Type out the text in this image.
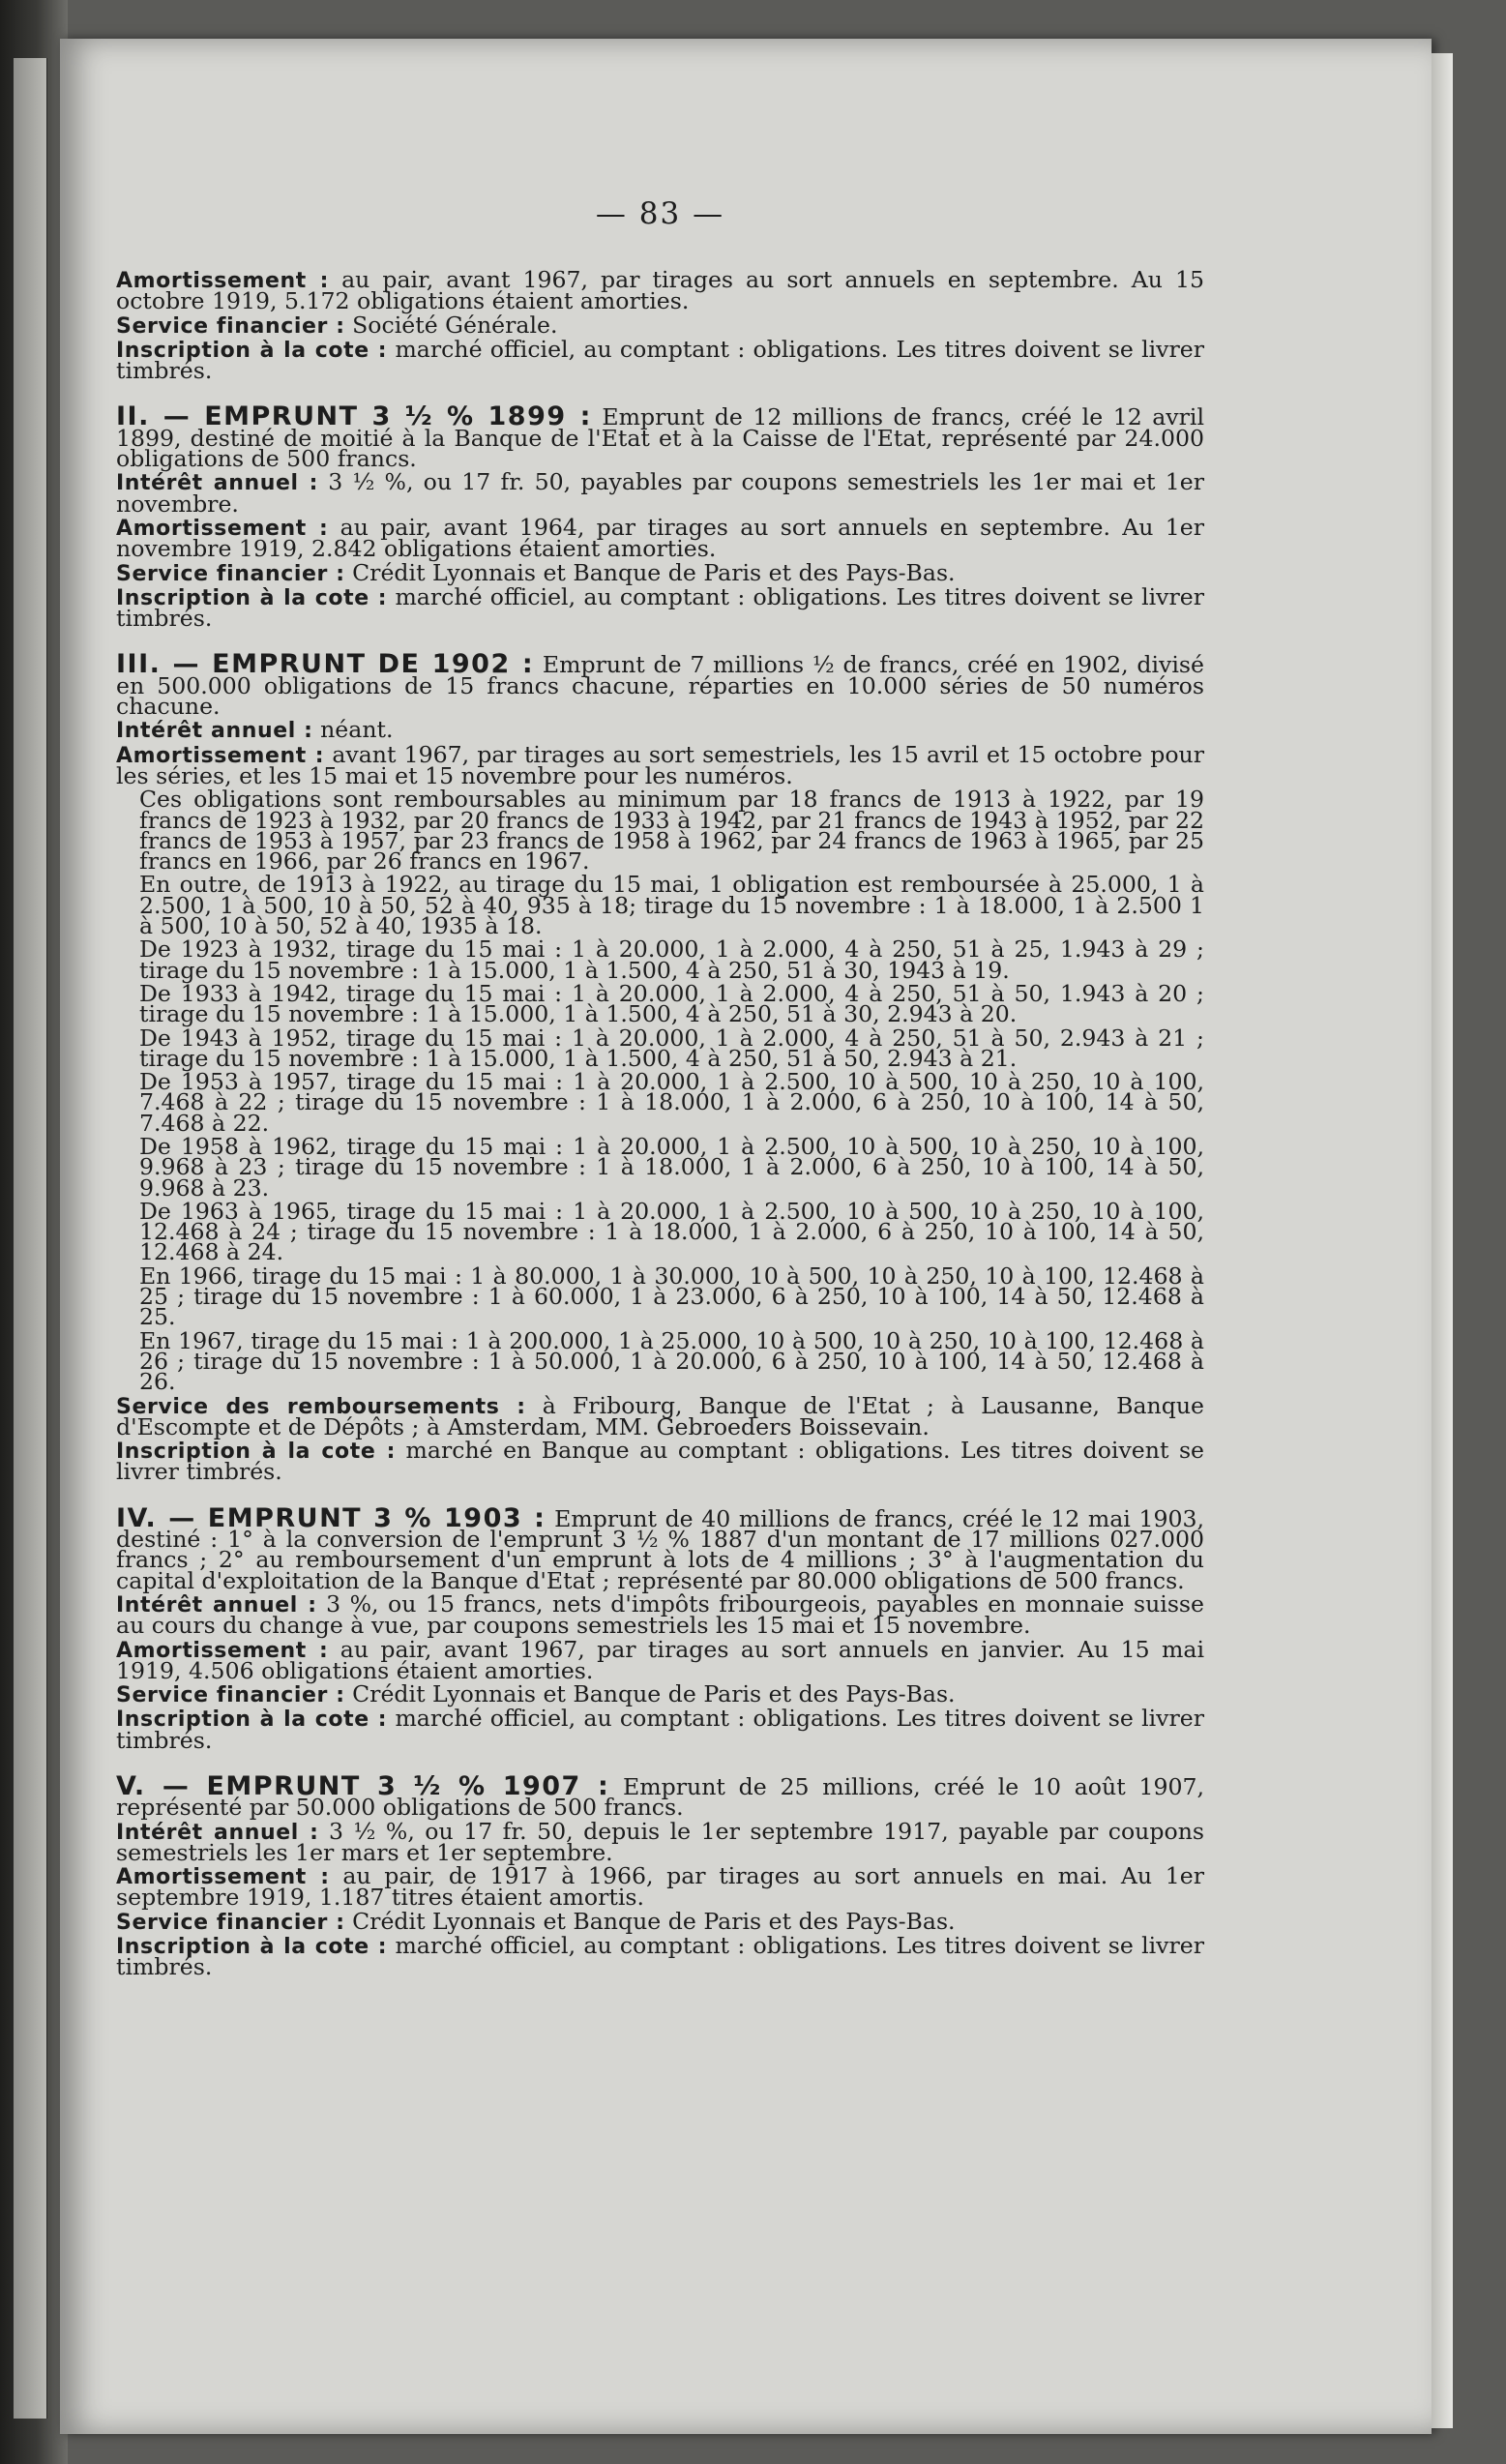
— 83 —

Amortissement : au pair, avant 1967, par tirages au sort annuels en septembre. Au 15 octobre 1919, 5.172 obligations étaient amorties.

Service financier : Société Générale.

Inscription à la cote : marché officiel, au comptant : obligations. Les titres doivent se livrer timbrés.

II. — EMPRUNT 3 ½ % 1899 : Emprunt de 12 millions de francs, créé le 12 avril 1899, destiné de moitié à la Banque de l'Etat et à la Caisse de l'Etat, représenté par 24.000 obligations de 500 francs.

Intérêt annuel : 3 ½ %, ou 17 fr. 50, payables par coupons semestriels les 1er mai et 1er novembre.

Amortissement : au pair, avant 1964, par tirages au sort annuels en septembre. Au 1er novembre 1919, 2.842 obligations étaient amorties.

Service financier : Crédit Lyonnais et Banque de Paris et des Pays-Bas.

Inscription à la cote : marché officiel, au comptant : obligations. Les titres doivent se livrer timbrés.

III. — EMPRUNT DE 1902 : Emprunt de 7 millions ½ de francs, créé en 1902, divisé en 500.000 obligations de 15 francs chacune, réparties en 10.000 séries de 50 numéros chacune.

Intérêt annuel : néant.

Amortissement : avant 1967, par tirages au sort semestriels, les 15 avril et 15 octobre pour les séries, et les 15 mai et 15 novembre pour les numéros.

Ces obligations sont remboursables au minimum par 18 francs de 1913 à 1922, par 19 francs de 1923 à 1932, par 20 francs de 1933 à 1942, par 21 francs de 1943 à 1952, par 22 francs de 1953 à 1957, par 23 francs de 1958 à 1962, par 24 francs de 1963 à 1965, par 25 francs en 1966, par 26 francs en 1967.

En outre, de 1913 à 1922, au tirage du 15 mai, 1 obligation est remboursée à 25.000, 1 à 2.500, 1 à 500, 10 à 50, 52 à 40, 935 à 18; tirage du 15 novembre : 1 à 18.000, 1 à 2.500 1 à 500, 10 à 50, 52 à 40, 1935 à 18.

De 1923 à 1932, tirage du 15 mai : 1 à 20.000, 1 à 2.000, 4 à 250, 51 à 25, 1.943 à 29 ; tirage du 15 novembre : 1 à 15.000, 1 à 1.500, 4 à 250, 51 à 30, 1943 à 19.

De 1933 à 1942, tirage du 15 mai : 1 à 20.000, 1 à 2.000, 4 à 250, 51 à 50, 1.943 à 20 ; tirage du 15 novembre : 1 à 15.000, 1 à 1.500, 4 à 250, 51 à 30, 2.943 à 20.

De 1943 à 1952, tirage du 15 mai : 1 à 20.000, 1 à 2.000, 4 à 250, 51 à 50, 2.943 à 21 ; tirage du 15 novembre : 1 à 15.000, 1 à 1.500, 4 à 250, 51 à 50, 2.943 à 21.

De 1953 à 1957, tirage du 15 mai : 1 à 20.000, 1 à 2.500, 10 à 500, 10 à 250, 10 à 100, 7.468 à 22 ; tirage du 15 novembre : 1 à 18.000, 1 à 2.000, 6 à 250, 10 à 100, 14 à 50, 7.468 à 22.

De 1958 à 1962, tirage du 15 mai : 1 à 20.000, 1 à 2.500, 10 à 500, 10 à 250, 10 à 100, 9.968 à 23 ; tirage du 15 novembre : 1 à 18.000, 1 à 2.000, 6 à 250, 10 à 100, 14 à 50, 9.968 à 23.

De 1963 à 1965, tirage du 15 mai : 1 à 20.000, 1 à 2.500, 10 à 500, 10 à 250, 10 à 100, 12.468 à 24 ; tirage du 15 novembre : 1 à 18.000, 1 à 2.000, 6 à 250, 10 à 100, 14 à 50, 12.468 à 24.

En 1966, tirage du 15 mai : 1 à 80.000, 1 à 30.000, 10 à 500, 10 à 250, 10 à 100, 12.468 à 25 ; tirage du 15 novembre : 1 à 60.000, 1 à 23.000, 6 à 250, 10 à 100, 14 à 50, 12.468 à 25.

En 1967, tirage du 15 mai : 1 à 200.000, 1 à 25.000, 10 à 500, 10 à 250, 10 à 100, 12.468 à 26 ; tirage du 15 novembre : 1 à 50.000, 1 à 20.000, 6 à 250, 10 à 100, 14 à 50, 12.468 à 26.

Service des remboursements : à Fribourg, Banque de l'Etat ; à Lausanne, Banque d'Escompte et de Dépôts ; à Amsterdam, MM. Gebroeders Boissevain.

Inscription à la cote : marché en Banque au comptant : obligations. Les titres doivent se livrer timbrés.

IV. — EMPRUNT 3 % 1903 : Emprunt de 40 millions de francs, créé le 12 mai 1903, destiné : 1° à la conversion de l'emprunt 3 ½ % 1887 d'un montant de 17 millions 027.000 francs ; 2° au remboursement d'un emprunt à lots de 4 millions ; 3° à l'augmentation du capital d'exploitation de la Banque d'Etat ; représenté par 80.000 obligations de 500 francs.

Intérêt annuel : 3 %, ou 15 francs, nets d'impôts fribourgeois, payables en monnaie suisse au cours du change à vue, par coupons semestriels les 15 mai et 15 novembre.

Amortissement : au pair, avant 1967, par tirages au sort annuels en janvier. Au 15 mai 1919, 4.506 obligations étaient amorties.

Service financier : Crédit Lyonnais et Banque de Paris et des Pays-Bas.

Inscription à la cote : marché officiel, au comptant : obligations. Les titres doivent se livrer timbrés.

V. — EMPRUNT 3 ½ % 1907 : Emprunt de 25 millions, créé le 10 août 1907, représenté par 50.000 obligations de 500 francs.

Intérêt annuel : 3 ½ %, ou 17 fr. 50, depuis le 1er septembre 1917, payable par coupons semestriels les 1er mars et 1er septembre.

Amortissement : au pair, de 1917 à 1966, par tirages au sort annuels en mai. Au 1er septembre 1919, 1.187 titres étaient amortis.

Service financier : Crédit Lyonnais et Banque de Paris et des Pays-Bas.

Inscription à la cote : marché officiel, au comptant : obligations. Les titres doivent se livrer timbrés.
